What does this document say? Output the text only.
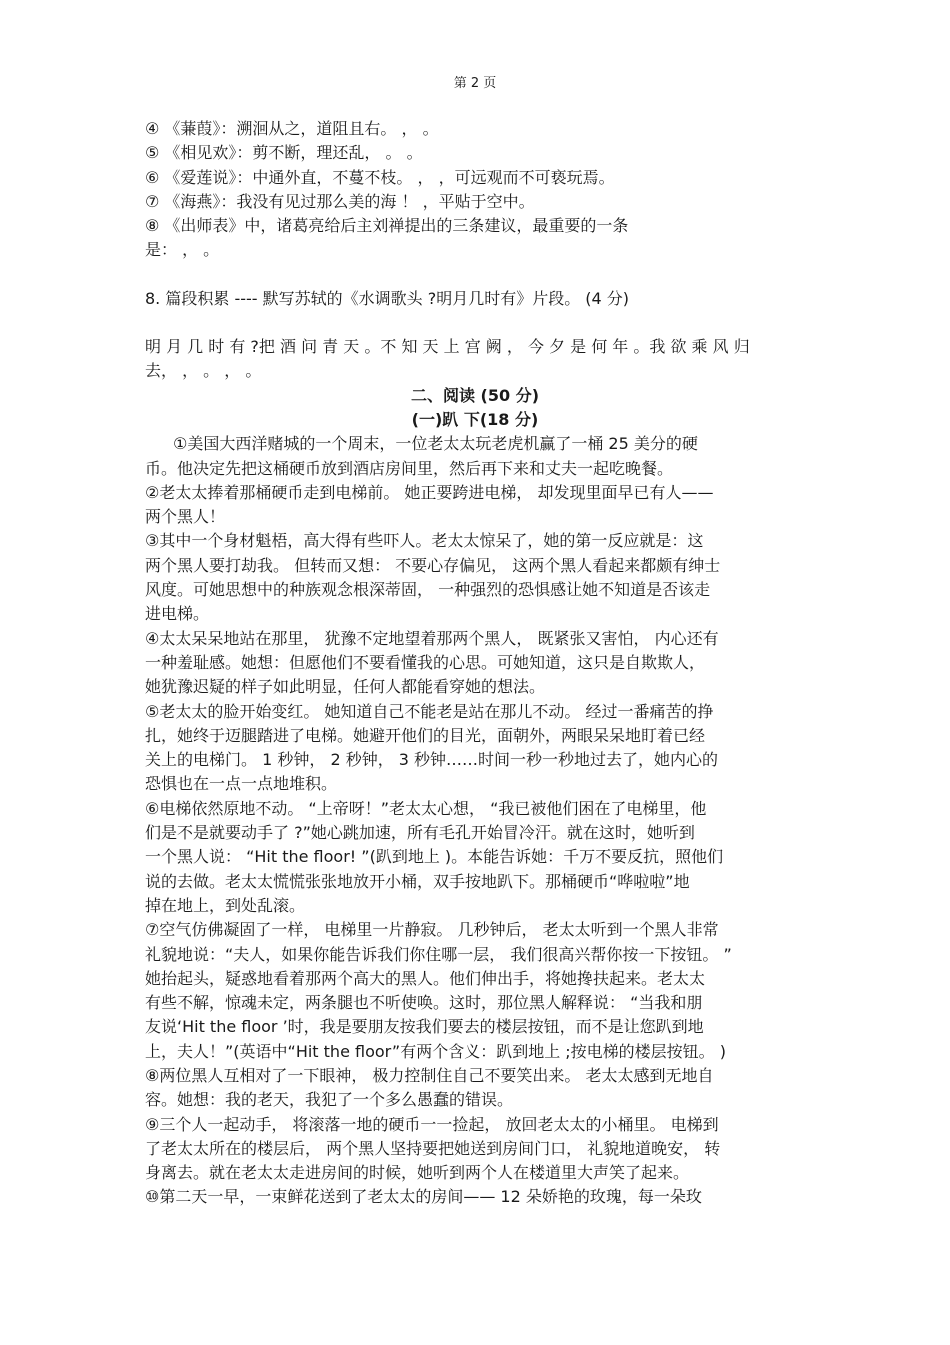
第 2 页

④ 《蒹葭》：溯洄从之，道阻且右。 ， 。

⑤ 《相见欢》：剪不断，理还乱， 。 。

⑥ 《爱莲说》：中通外直，不蔓不枝。 ， ，可远观而不可亵玩焉。

⑦ 《海燕》：我没有见过那么美的海 ！ ，平贴于空中。

⑧ 《出师表》中，诸葛亮给后主刘禅提出的三条建议，最重要的一条

是： ， 。

8. 篇段积累 ---- 默写苏轼的《水调歌头 ?明月几时有》片段。 (4 分)

明 月 几 时 有 ?把 酒 问 青 天 。不 知 天 上 宫 阙 ， 今 夕 是 何 年 。我 欲 乘 风 归

去， ， 。 ， 。

二、阅读 (50 分)

(一)趴 下(18 分)

①美国大西洋赌城的一个周末，一位老太太玩老虎机赢了一桶 25 美分的硬

币。他决定先把这桶硬币放到酒店房间里，然后再下来和丈夫一起吃晚餐。

②老太太捧着那桶硬币走到电梯前。 她正要跨进电梯， 却发现里面早已有人——

两个黑人！

③其中一个身材魁梧，高大得有些吓人。老太太惊呆了，她的第一反应就是：这

两个黑人要打劫我。 但转而又想： 不要心存偏见， 这两个黑人看起来都颇有绅士

风度。可她思想中的种族观念根深蒂固， 一种强烈的恐惧感让她不知道是否该走

进电梯。

④太太呆呆地站在那里， 犹豫不定地望着那两个黑人， 既紧张又害怕， 内心还有

一种羞耻感。她想：但愿他们不要看懂我的心思。可她知道，这只是自欺欺人，

她犹豫迟疑的样子如此明显，任何人都能看穿她的想法。

⑤老太太的脸开始变红。 她知道自己不能老是站在那儿不动。 经过一番痛苦的挣

扎，她终于迈腿踏进了电梯。她避开他们的目光，面朝外，两眼呆呆地盯着已经

关上的电梯门。 1 秒钟， 2 秒钟， 3 秒钟……时间一秒一秒地过去了，她内心的

恐惧也在一点一点地堆积。

⑥电梯依然原地不动。 “上帝呀！”老太太心想， “我已被他们困在了电梯里，他

们是不是就要动手了 ?”她心跳加速，所有毛孔开始冒冷汗。就在这时，她听到

一个黑人说： “Hit the floor! ”(趴到地上 )。本能告诉她：千万不要反抗，照他们

说的去做。老太太慌慌张张地放开小桶，双手按地趴下。那桶硬币“哗啦啦”地

掉在地上，到处乱滚。

⑦空气仿佛凝固了一样， 电梯里一片静寂。 几秒钟后， 老太太听到一个黑人非常

礼貌地说：“夫人，如果你能告诉我们你住哪一层， 我们很高兴帮你按一下按钮。 ”

她抬起头，疑惑地看着那两个高大的黑人。他们伸出手，将她搀扶起来。老太太

有些不解，惊魂未定，两条腿也不听使唤。这时，那位黑人解释说： “当我和朋

友说‘Hit the floor ’时，我是要朋友按我们要去的楼层按钮，而不是让您趴到地

上，夫人！”(英语中“Hit the floor”有两个含义：趴到地上 ;按电梯的楼层按钮。 )

⑧两位黑人互相对了一下眼神， 极力控制住自己不要笑出来。 老太太感到无地自

容。她想：我的老天，我犯了一个多么愚蠢的错误。

⑨三个人一起动手， 将滚落一地的硬币一一捡起， 放回老太太的小桶里。 电梯到

了老太太所在的楼层后， 两个黑人坚持要把她送到房间门口， 礼貌地道晚安， 转

身离去。就在老太太走进房间的时候，她听到两个人在楼道里大声笑了起来。

⑩第二天一早，一束鲜花送到了老太太的房间—— 12 朵娇艳的玫瑰，每一朵玫
